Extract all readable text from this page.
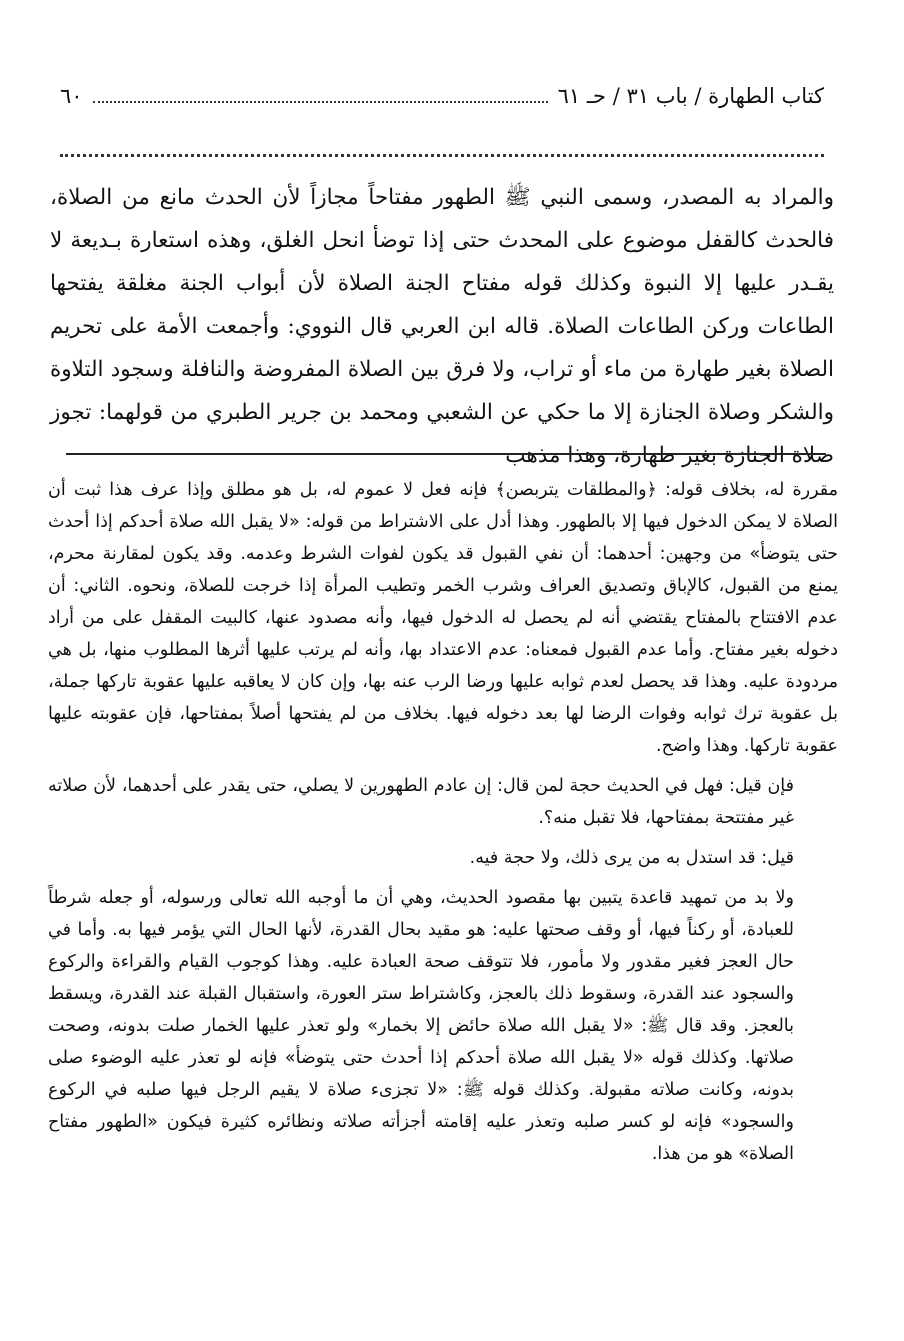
كتاب الطهارة / باب ٣١ / حـ ٦١
٦٠

والمراد به المصدر، وسمى النبي ﷺ الطهور مفتاحاً مجازاً لأن الحدث مانع من الصلاة، فالحدث كالقفل موضوع على المحدث حتى إذا توضأ انحل الغلق، وهذه استعارة بـديعة لا يقـدر عليها إلا النبوة وكذلك قوله مفتاح الجنة الصلاة لأن أبواب الجنة مغلقة يفتحها الطاعات وركن الطاعات الصلاة. قاله ابن العربي قال النووي: وأجمعت الأمة على تحريم الصلاة بغير طهارة من ماء أو تراب، ولا فرق بين الصلاة المفروضة والنافلة وسجود التلاوة والشكر وصلاة الجنازة إلا ما حكي عن الشعبي ومحمد بن جرير الطبري من قولهما: تجوز صلاة الجنازة بغير طهارة، وهذا مذهب

مقررة له، بخلاف قوله: ﴿والمطلقات يتربصن﴾ فإنه فعل لا عموم له، بل هو مطلق وإذا عرف هذا ثبت أن الصلاة لا يمكن الدخول فيها إلا بالطهور. وهذا أدل على الاشتراط من قوله: «لا يقبل الله صلاة أحدكم إذا أحدث حتى يتوضأ» من وجهين: أحدهما: أن نفي القبول قد يكون لفوات الشرط وعدمه. وقد يكون لمقارنة محرم، يمنع من القبول، كالإباق وتصديق العراف وشرب الخمر وتطيب المرأة إذا خرجت للصلاة، ونحوه. الثاني: أن عدم الافتتاح بالمفتاح يقتضي أنه لم يحصل له الدخول فيها، وأنه مصدود عنها، كالبيت المقفل على من أراد دخوله بغير مفتاح. وأما عدم القبول فمعناه: عدم الاعتداد بها، وأنه لم يرتب عليها أثرها المطلوب منها، بل هي مردودة عليه. وهذا قد يحصل لعدم ثوابه عليها ورضا الرب عنه بها، وإن كان لا يعاقبه عليها عقوبة تاركها جملة، بل عقوبة ترك ثوابه وفوات الرضا لها بعد دخوله فيها. بخلاف من لم يفتحها أصلاً بمفتاحها، فإن عقوبته عليها عقوبة تاركها. وهذا واضح.

فإن قيل: فهل في الحديث حجة لمن قال: إن عادم الطهورين لا يصلي، حتى يقدر على أحدهما، لأن صلاته غير مفتتحة بمفتاحها، فلا تقبل منه؟.

قيل: قد استدل به من يرى ذلك، ولا حجة فيه.

ولا بد من تمهيد قاعدة يتبين بها مقصود الحديث، وهي أن ما أوجبه الله تعالى ورسوله، أو جعله شرطاً للعبادة، أو ركناً فيها، أو وقف صحتها عليه: هو مقيد بحال القدرة، لأنها الحال التي يؤمر فيها به. وأما في حال العجز فغير مقدور ولا مأمور، فلا تتوقف صحة العبادة عليه. وهذا كوجوب القيام والقراءة والركوع والسجود عند القدرة، وسقوط ذلك بالعجز، وكاشتراط ستر العورة، واستقبال القبلة عند القدرة، ويسقط بالعجز. وقد قال ﷺ: «لا يقبل الله صلاة حائض إلا بخمار» ولو تعذر عليها الخمار صلت بدونه، وصحت صلاتها. وكذلك قوله «لا يقبل الله صلاة أحدكم إذا أحدث حتى يتوضأ» فإنه لو تعذر عليه الوضوء صلى بدونه، وكانت صلاته مقبولة. وكذلك قوله ﷺ: «لا تجزىء صلاة لا يقيم الرجل فيها صلبه في الركوع والسجود» فإنه لو كسر صلبه وتعذر عليه إقامته أجزأته صلاته ونظائره كثيرة فيكون «الطهور مفتاح الصلاة» هو من هذا.
